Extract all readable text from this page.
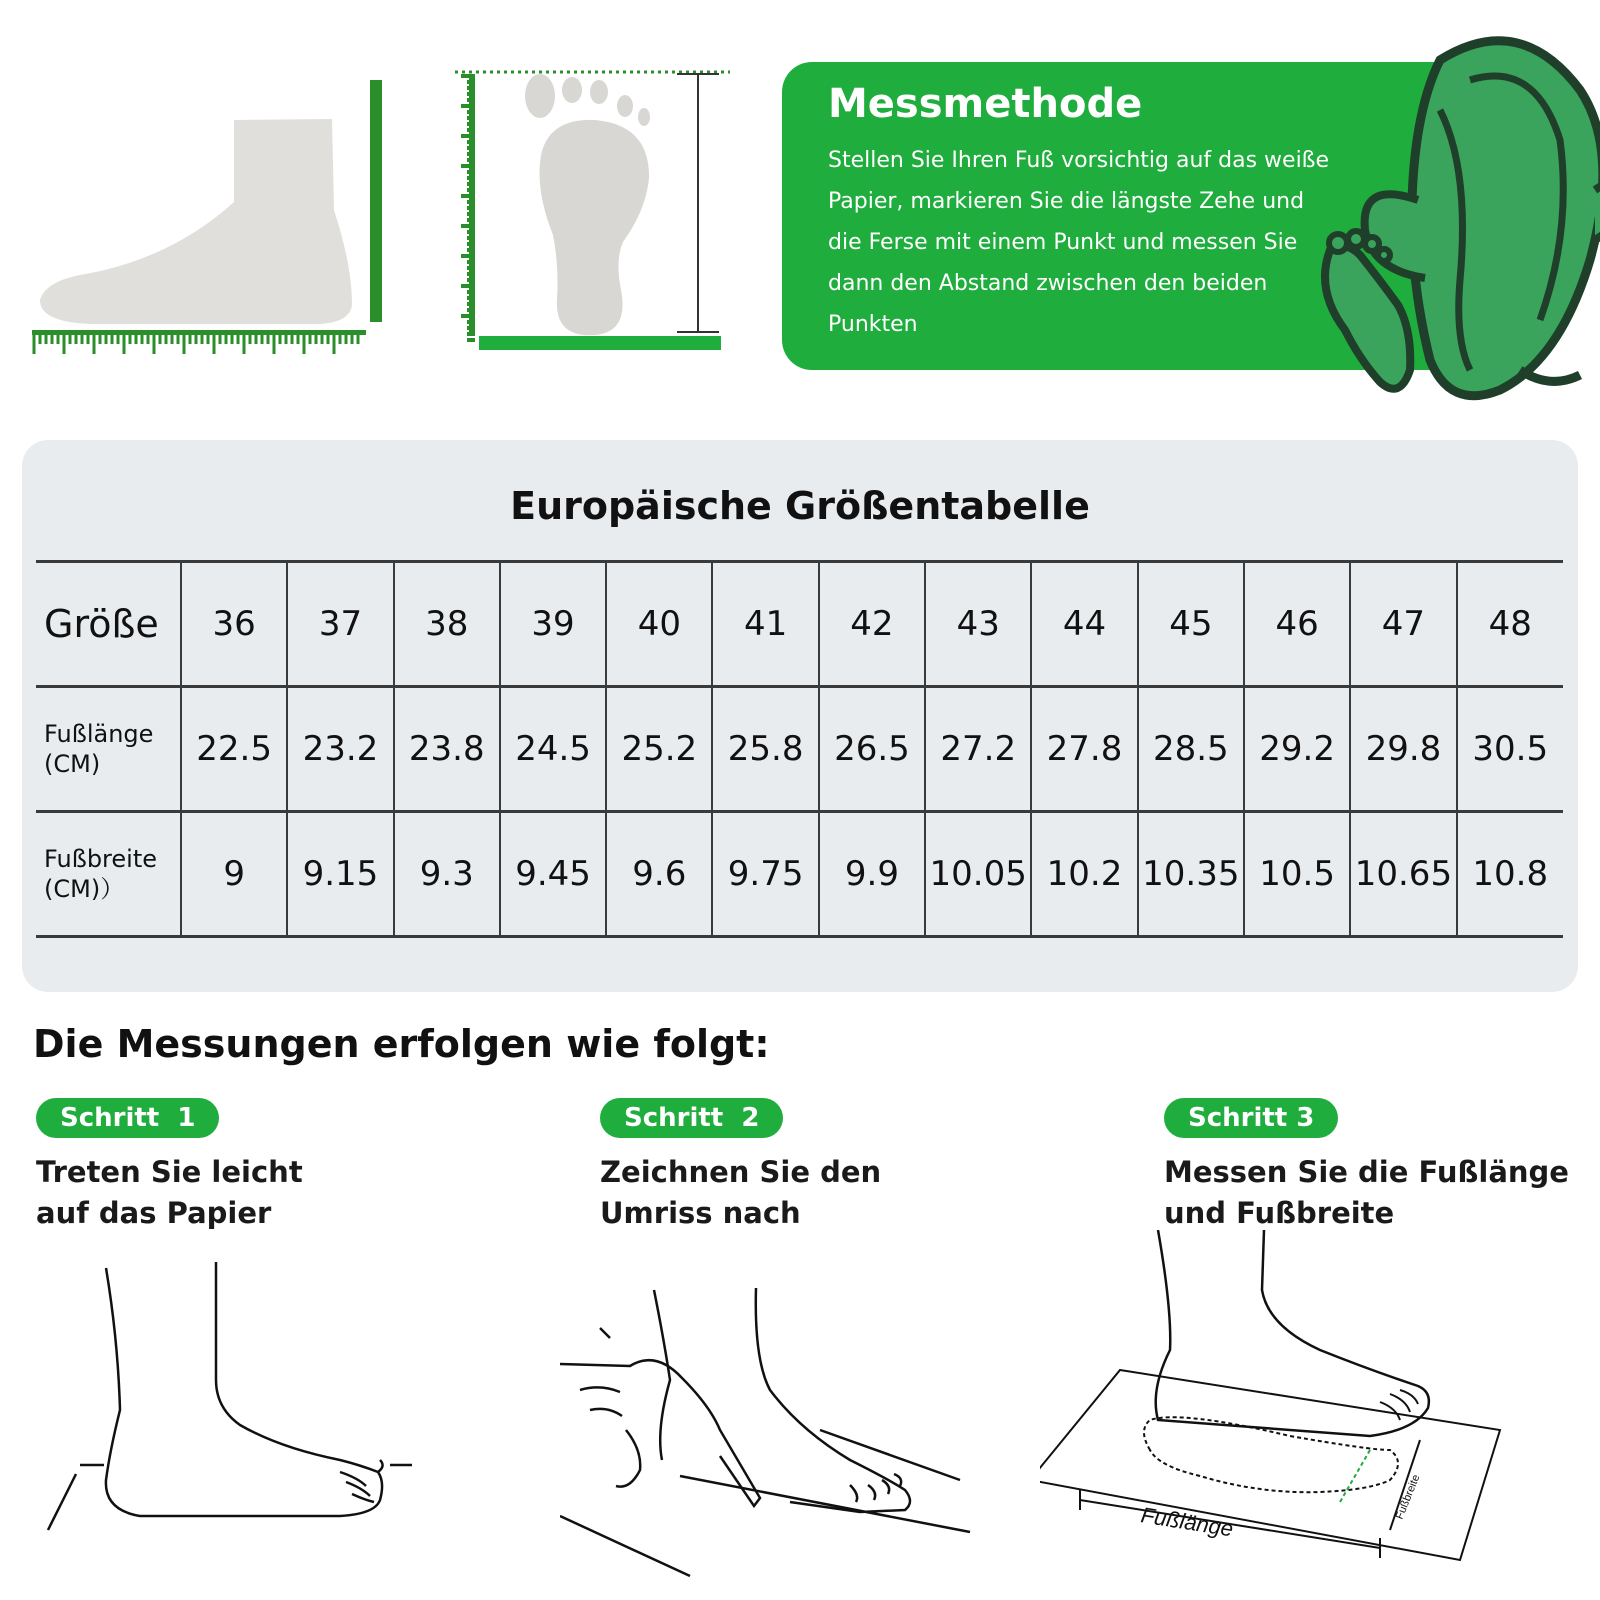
Messmethode
Stellen Sie Ihren Fuß vorsichtig auf das weiße Papier, markieren Sie die längste Zehe und die Ferse mit einem Punkt und messen Sie dann den Abstand zwischen den beiden Punkten
Europäische Größentabelle
Größe	36	37	38	39	40	41	42	43	44	45	46	47	48

Fußlänge
(CM)	22.5	23.2	23.8	24.5	25.2	25.8	26.5	27.2	27.8	28.5	29.2	29.8	30.5

Fußbreite
(CM)）	9	9.15	9.3	9.45	9.6	9.75	9.9	10.05	10.2	10.35	10.5	10.65	10.8
Die Messungen erfolgen wie folgt:
Schritt  1
Treten Sie leicht
auf das Papier
Schritt  2
Zeichnen Sie den
Umriss nach
Schritt 3
Messen Sie die Fußlänge
und Fußbreite
Fußlänge
Fußbreite
